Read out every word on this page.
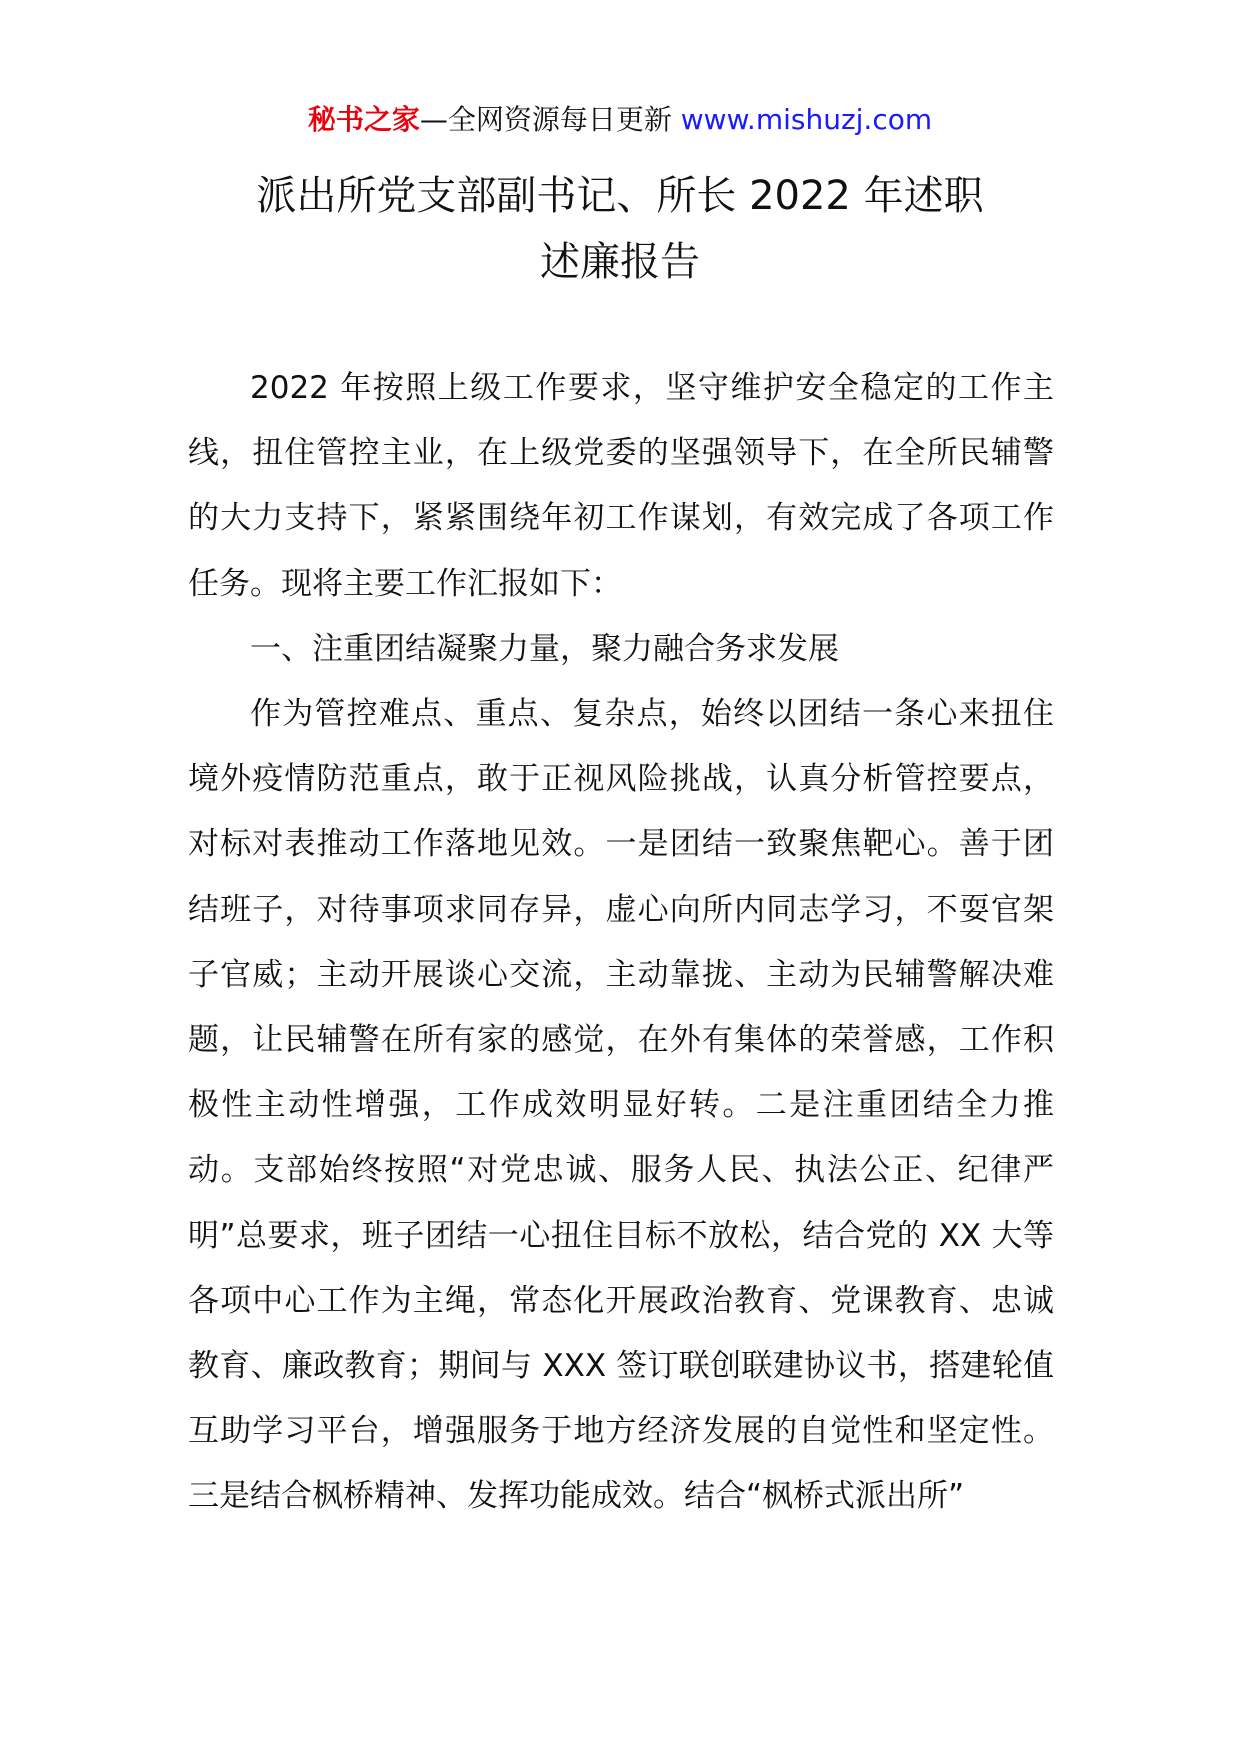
秘书之家—全网资源每日更新 www.mishuzj.com
派出所党支部副书记、所长 2022 年述职
述廉报告

2022 年按照上级工作要求，坚守维护安全稳定的工作主线，扭住管控主业，在上级党委的坚强领导下，在全所民辅警的大力支持下，紧紧围绕年初工作谋划，有效完成了各项工作任务。现将主要工作汇报如下：

一、注重团结凝聚力量，聚力融合务求发展

作为管控难点、重点、复杂点，始终以团结一条心来扭住境外疫情防范重点，敢于正视风险挑战，认真分析管控要点，对标对表推动工作落地见效。一是团结一致聚焦靶心。善于团结班子，对待事项求同存异，虚心向所内同志学习，不耍官架子官威；主动开展谈心交流，主动靠拢、主动为民辅警解决难题，让民辅警在所有家的感觉，在外有集体的荣誉感，工作积极性主动性增强，工作成效明显好转。二是注重团结全力推动。支部始终按照“对党忠诚、服务人民、执法公正、纪律严明”总要求，班子团结一心扭住目标不放松，结合党的 XX 大等各项中心工作为主绳，常态化开展政治教育、党课教育、忠诚教育、廉政教育；期间与 XXX 签订联创联建协议书，搭建轮值互助学习平台，增强服务于地方经济发展的自觉性和坚定性。三是结合枫桥精神、发挥功能成效。结合“枫桥式派出所”
